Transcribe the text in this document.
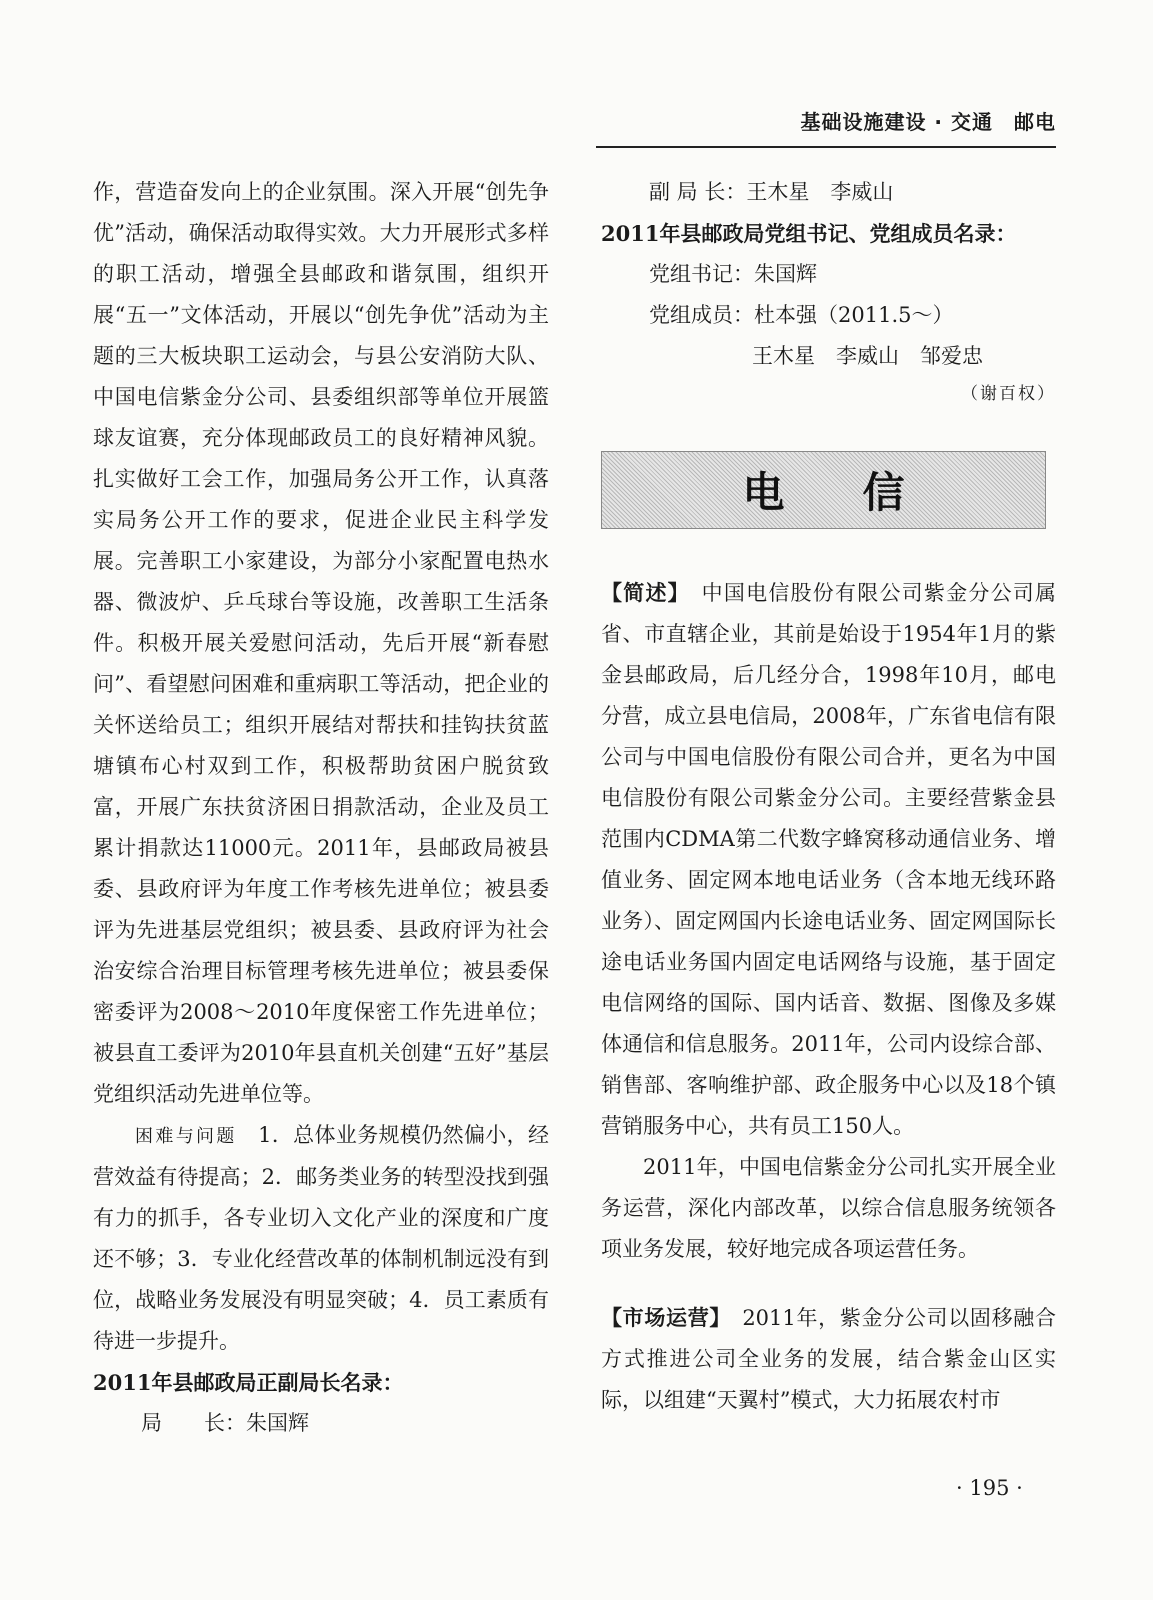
基础设施建设 · 交通　邮电

作，营造奋发向上的企业氛围。深入开展“创先争优”活动，确保活动取得实效。大力开展形式多样的职工活动，增强全县邮政和谐氛围，组织开展“五一”文体活动，开展以“创先争优”活动为主题的三大板块职工运动会，与县公安消防大队、中国电信紫金分公司、县委组织部等单位开展篮球友谊赛，充分体现邮政员工的良好精神风貌。扎实做好工会工作，加强局务公开工作，认真落实局务公开工作的要求，促进企业民主科学发展。完善职工小家建设，为部分小家配置电热水器、微波炉、乒乓球台等设施，改善职工生活条件。积极开展关爱慰问活动，先后开展“新春慰问”、看望慰问困难和重病职工等活动，把企业的关怀送给员工；组织开展结对帮扶和挂钩扶贫蓝塘镇布心村双到工作，积极帮助贫困户脱贫致富，开展广东扶贫济困日捐款活动，企业及员工累计捐款达11000元。2011年，县邮政局被县委、县政府评为年度工作考核先进单位；被县委评为先进基层党组织；被县委、县政府评为社会治安综合治理目标管理考核先进单位；被县委保密委评为2008～2010年度保密工作先进单位；被县直工委评为2010年县直机关创建“五好”基层党组织活动先进单位等。

困难与问题　 1．总体业务规模仍然偏小，经营效益有待提高；2．邮务类业务的转型没找到强有力的抓手，各专业切入文化产业的深度和广度还不够；3．专业化经营改革的体制机制远没有到位，战略业务发展没有明显突破；4．员工素质有待进一步提升。

2011年县邮政局正副局长名录：

局　　长：朱国辉

副 局 长：王木星　李威山

2011年县邮政局党组书记、党组成员名录：

党组书记：朱国辉

党组成员：杜本强（2011.5～）

王木星　李威山　邹爱忠

（谢百权）

电信

【简述】　 中国电信股份有限公司紫金分公司属省、市直辖企业，其前是始设于1954年1月的紫金县邮政局，后几经分合，1998年10月，邮电分营，成立县电信局，2008年，广东省电信有限公司与中国电信股份有限公司合并，更名为中国电信股份有限公司紫金分公司。主要经营紫金县范围内CDMA第二代数字蜂窝移动通信业务、增值业务、固定网本地电话业务（含本地无线环路业务）、固定网国内长途电话业务、固定网国际长途电话业务国内固定电话网络与设施，基于固定电信网络的国际、国内话音、数据、图像及多媒体通信和信息服务。2011年，公司内设综合部、销售部、客响维护部、政企服务中心以及18个镇营销服务中心，共有员工150人。

2011年，中国电信紫金分公司扎实开展全业务运营，深化内部改革，以综合信息服务统领各项业务发展，较好地完成各项运营任务。

【市场运营】　 2011年，紫金分公司以固移融合方式推进公司全业务的发展，结合紫金山区实际，以组建“天翼村”模式，大力拓展农村市

· 195 ·
